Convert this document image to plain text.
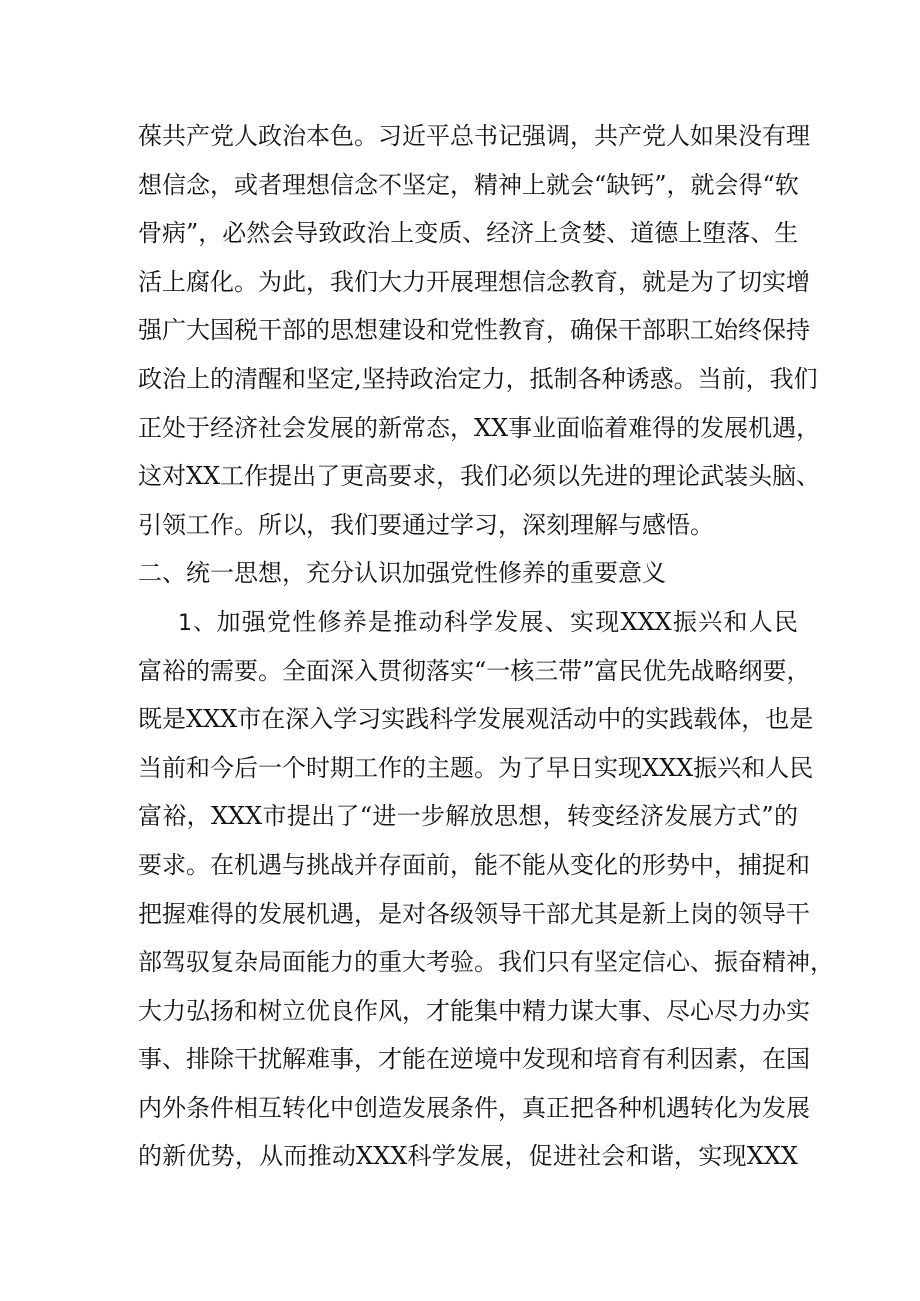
葆共产党人政治本色。习近平总书记强调，共产党人如果没有理
想信念，或者理想信念不坚定，精神上就会“缺钙”，就会得“软
骨病”，必然会导致政治上变质、经济上贪婪、道德上堕落、生
活上腐化。为此，我们大力开展理想信念教育，就是为了切实增
强广大国税干部的思想建设和党性教育，确保干部职工始终保持
政治上的清醒和坚定,坚持政治定力，抵制各种诱惑。当前，我们
正处于经济社会发展的新常态，XX事业面临着难得的发展机遇，
这对XX工作提出了更高要求，我们必须以先进的理论武装头脑、
引领工作。所以，我们要通过学习，深刻理解与感悟。
二、统一思想，充分认识加强党性修养的重要意义
1、加强党性修养是推动科学发展、实现XXX振兴和人民
富裕的需要。全面深入贯彻落实“一核三带”富民优先战略纲要，
既是XXX市在深入学习实践科学发展观活动中的实践载体，也是
当前和今后一个时期工作的主题。为了早日实现XXX振兴和人民
富裕，XXX市提出了“进一步解放思想，转变经济发展方式”的
要求。在机遇与挑战并存面前，能不能从变化的形势中，捕捉和
把握难得的发展机遇，是对各级领导干部尤其是新上岗的领导干
部驾驭复杂局面能力的重大考验。我们只有坚定信心、振奋精神，
大力弘扬和树立优良作风，才能集中精力谋大事、尽心尽力办实
事、排除干扰解难事，才能在逆境中发现和培育有利因素，在国
内外条件相互转化中创造发展条件，真正把各种机遇转化为发展
的新优势，从而推动XXX科学发展，促进社会和谐，实现XXX
